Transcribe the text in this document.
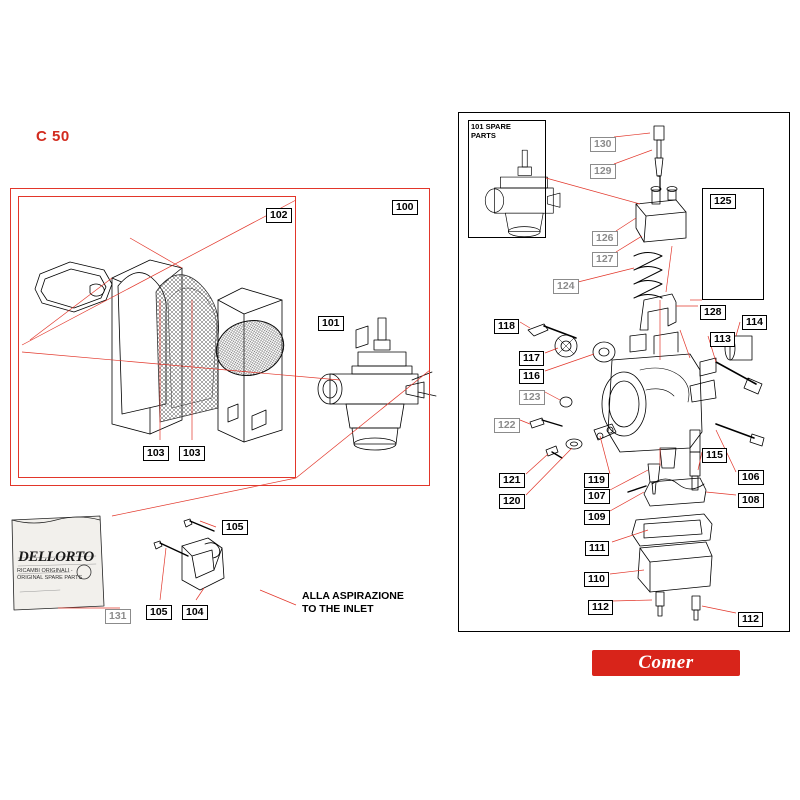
C 50
101 SPARE
PARTS
ALLA ASPIRAZIONE
TO THE INLET
DELLORTO
RICAMBI ORIGINALI - ORIGINAL SPARE PARTS
Comer
100
102
101
103	103
105
104
105
131
130
129
125
126
127
124
128
114
118
113
117
116
123
122
115
121	119	106
120	107	108
109
111
110
112
112
